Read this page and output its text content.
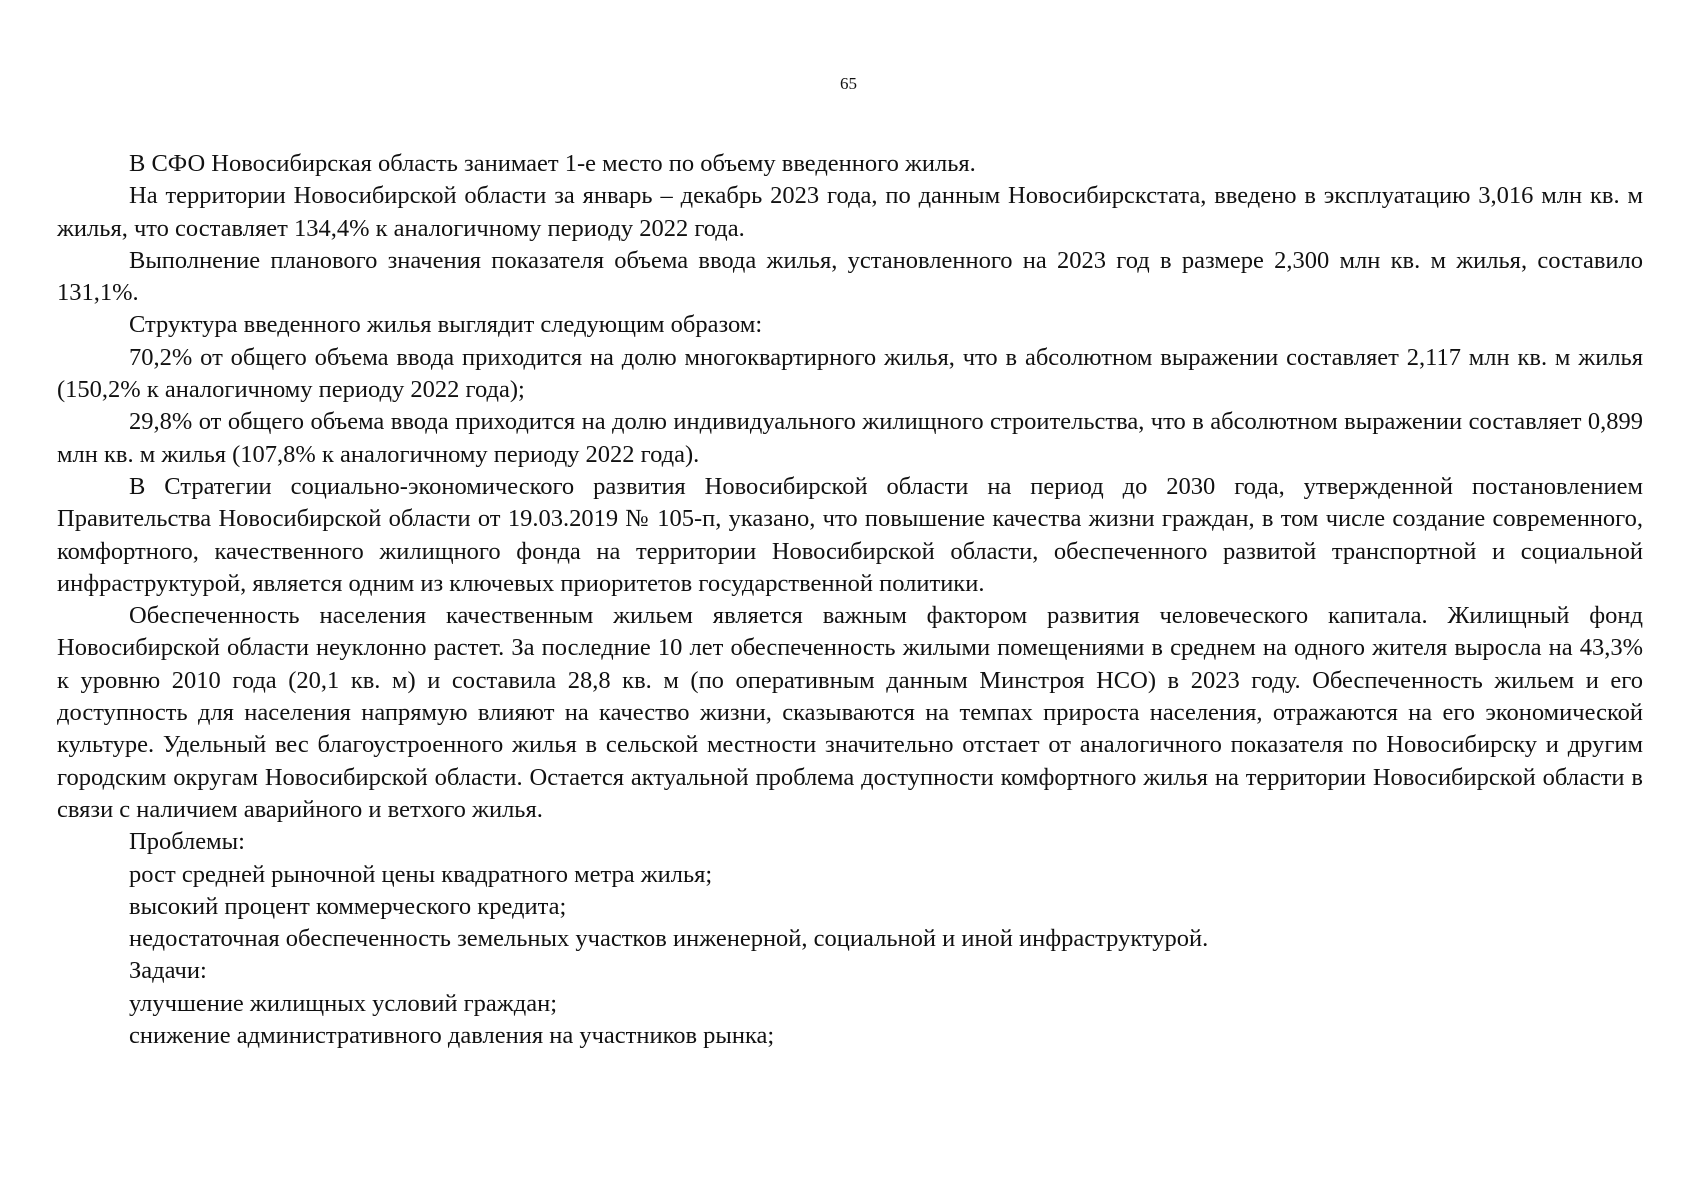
65

В СФО Новосибирская область занимает 1-е место по объему введенного жилья.

На территории Новосибирской области за январь – декабрь 2023 года, по данным Новосибирскстата, введено в эксплуатацию 3,016 млн кв. м жилья, что составляет 134,4% к аналогичному периоду 2022 года.

Выполнение планового значения показателя объема ввода жилья, установленного на 2023 год в размере 2,300 млн кв. м жилья, составило 131,1%.

Структура введенного жилья выглядит следующим образом:

70,2% от общего объема ввода приходится на долю многоквартирного жилья, что в абсолютном выражении составляет 2,117 млн кв. м жилья (150,2% к аналогичному периоду 2022 года);

29,8% от общего объема ввода приходится на долю индивидуального жилищного строительства, что в абсолютном выражении составляет 0,899 млн кв. м жилья (107,8% к аналогичному периоду 2022 года).

В Стратегии социально-экономического развития Новосибирской области на период до 2030 года, утвержденной постановлением Правительства Новосибирской области от 19.03.2019 № 105-п, указано, что повышение качества жизни граждан, в том числе создание современного, комфортного, качественного жилищного фонда на территории Новосибирской области, обеспеченного развитой транспортной и социальной инфраструктурой, является одним из ключевых приоритетов государственной политики.

Обеспеченность населения качественным жильем является важным фактором развития человеческого капитала. Жилищный фонд Новосибирской области неуклонно растет. За последние 10 лет обеспеченность жилыми помещениями в среднем на одного жителя выросла на 43,3% к уровню 2010 года (20,1 кв. м) и составила 28,8 кв. м (по оперативным данным Минстроя НСО) в 2023 году. Обеспеченность жильем и его доступность для населения напрямую влияют на качество жизни, сказываются на темпах прироста населения, отражаются на его экономической культуре. Удельный вес благоустроенного жилья в сельской местности значительно отстает от аналогичного показателя по Новосибирску и другим городским округам Новосибирской области. Остается актуальной проблема доступности комфортного жилья на территории Новосибирской области в связи с наличием аварийного и ветхого жилья.

Проблемы:

рост средней рыночной цены квадратного метра жилья;

высокий процент коммерческого кредита;

недостаточная обеспеченность земельных участков инженерной, социальной и иной инфраструктурой.

Задачи:

улучшение жилищных условий граждан;

снижение административного давления на участников рынка;
